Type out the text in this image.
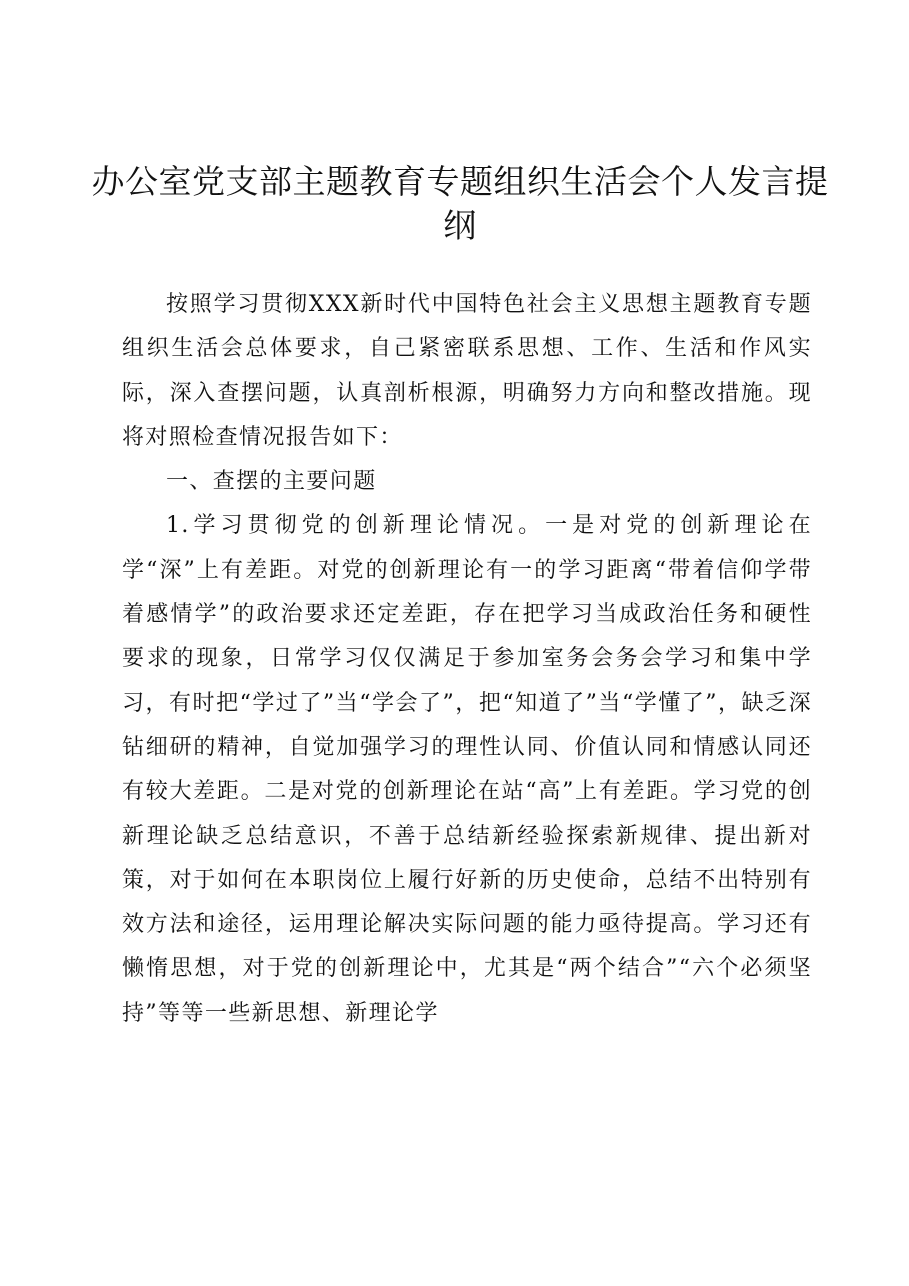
办公室党支部主题教育专题组织生活会个人发言提纲

按照学习贯彻XXX新时代中国特色社会主义思想主题教育专题组织生活会总体要求，自己紧密联系思想、工作、生活和作风实际，深入查摆问题，认真剖析根源，明确努力方向和整改措施。现将对照检查情况报告如下：

一、查摆的主要问题

1.学习贯彻党的创新理论情况。一是对党的创新理论在学“深”上有差距。对党的创新理论有一的学习距离“带着信仰学带着感情学”的政治要求还定差距，存在把学习当成政治任务和硬性要求的现象，日常学习仅仅满足于参加室务会务会学习和集中学习，有时把“学过了”当“学会了”，把“知道了”当“学懂了”，缺乏深钻细研的精神，自觉加强学习的理性认同、价值认同和情感认同还有较大差距。二是对党的创新理论在站“高”上有差距。学习党的创新理论缺乏总结意识，不善于总结新经验探索新规律、提出新对策，对于如何在本职岗位上履行好新的历史使命，总结不出特别有效方法和途径，运用理论解决实际问题的能力亟待提高。学习还有懒惰思想，对于党的创新理论中，尤其是“两个结合”“六个必须坚持”等等一些新思想、新理论学
